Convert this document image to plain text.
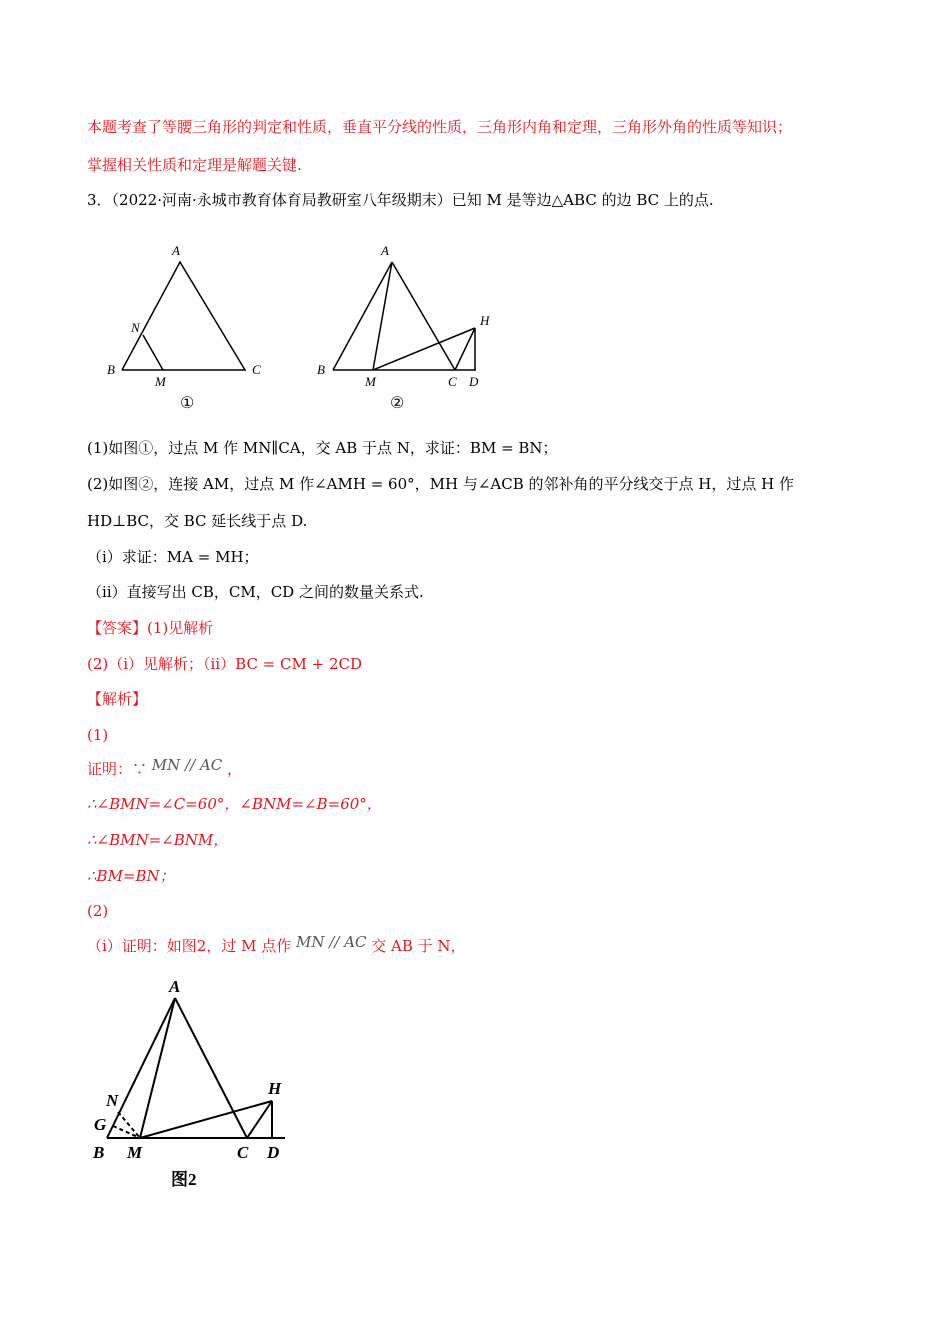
本题考查了等腰三角形的判定和性质，垂直平分线的性质，三角形内角和定理，三角形外角的性质等知识；
掌握相关性质和定理是解题关键.
3．（2022·河南·永城市教育体育局教研室八年级期末）已知 M 是等边△ABC 的边 BC 上的点.
A
N
B
M
C
①
A
H
B
M	C D
②
A
N
G
H
B M	C D
图2
(1)如图①，过点 M 作 MN∥CA，交 AB 于点 N，求证：BM = BN；
(2)如图②，连接 AM，过点 M 作∠AMH = 60°，MH 与∠ACB 的邻补角的平分线交于点 H，过点 H 作
HD⊥BC，交 BC 延长线于点 D.
（ⅰ）求证：MA = MH；
（ⅱ）直接写出 CB，CM，CD 之间的数量关系式.
【答案】(1)见解析
(2)（ⅰ）见解析；（ⅱ）BC = CM + 2CD
【解析】
(1)
证明：∵ MN // AC ，
∴∠BMN=∠C=60°，∠BNM=∠B=60°，
∴∠BMN=∠BNM，
∴BM=BN；
(2)
（ⅰ）证明：如图2，过 M 点作 MN // AC 交 AB 于 N，
